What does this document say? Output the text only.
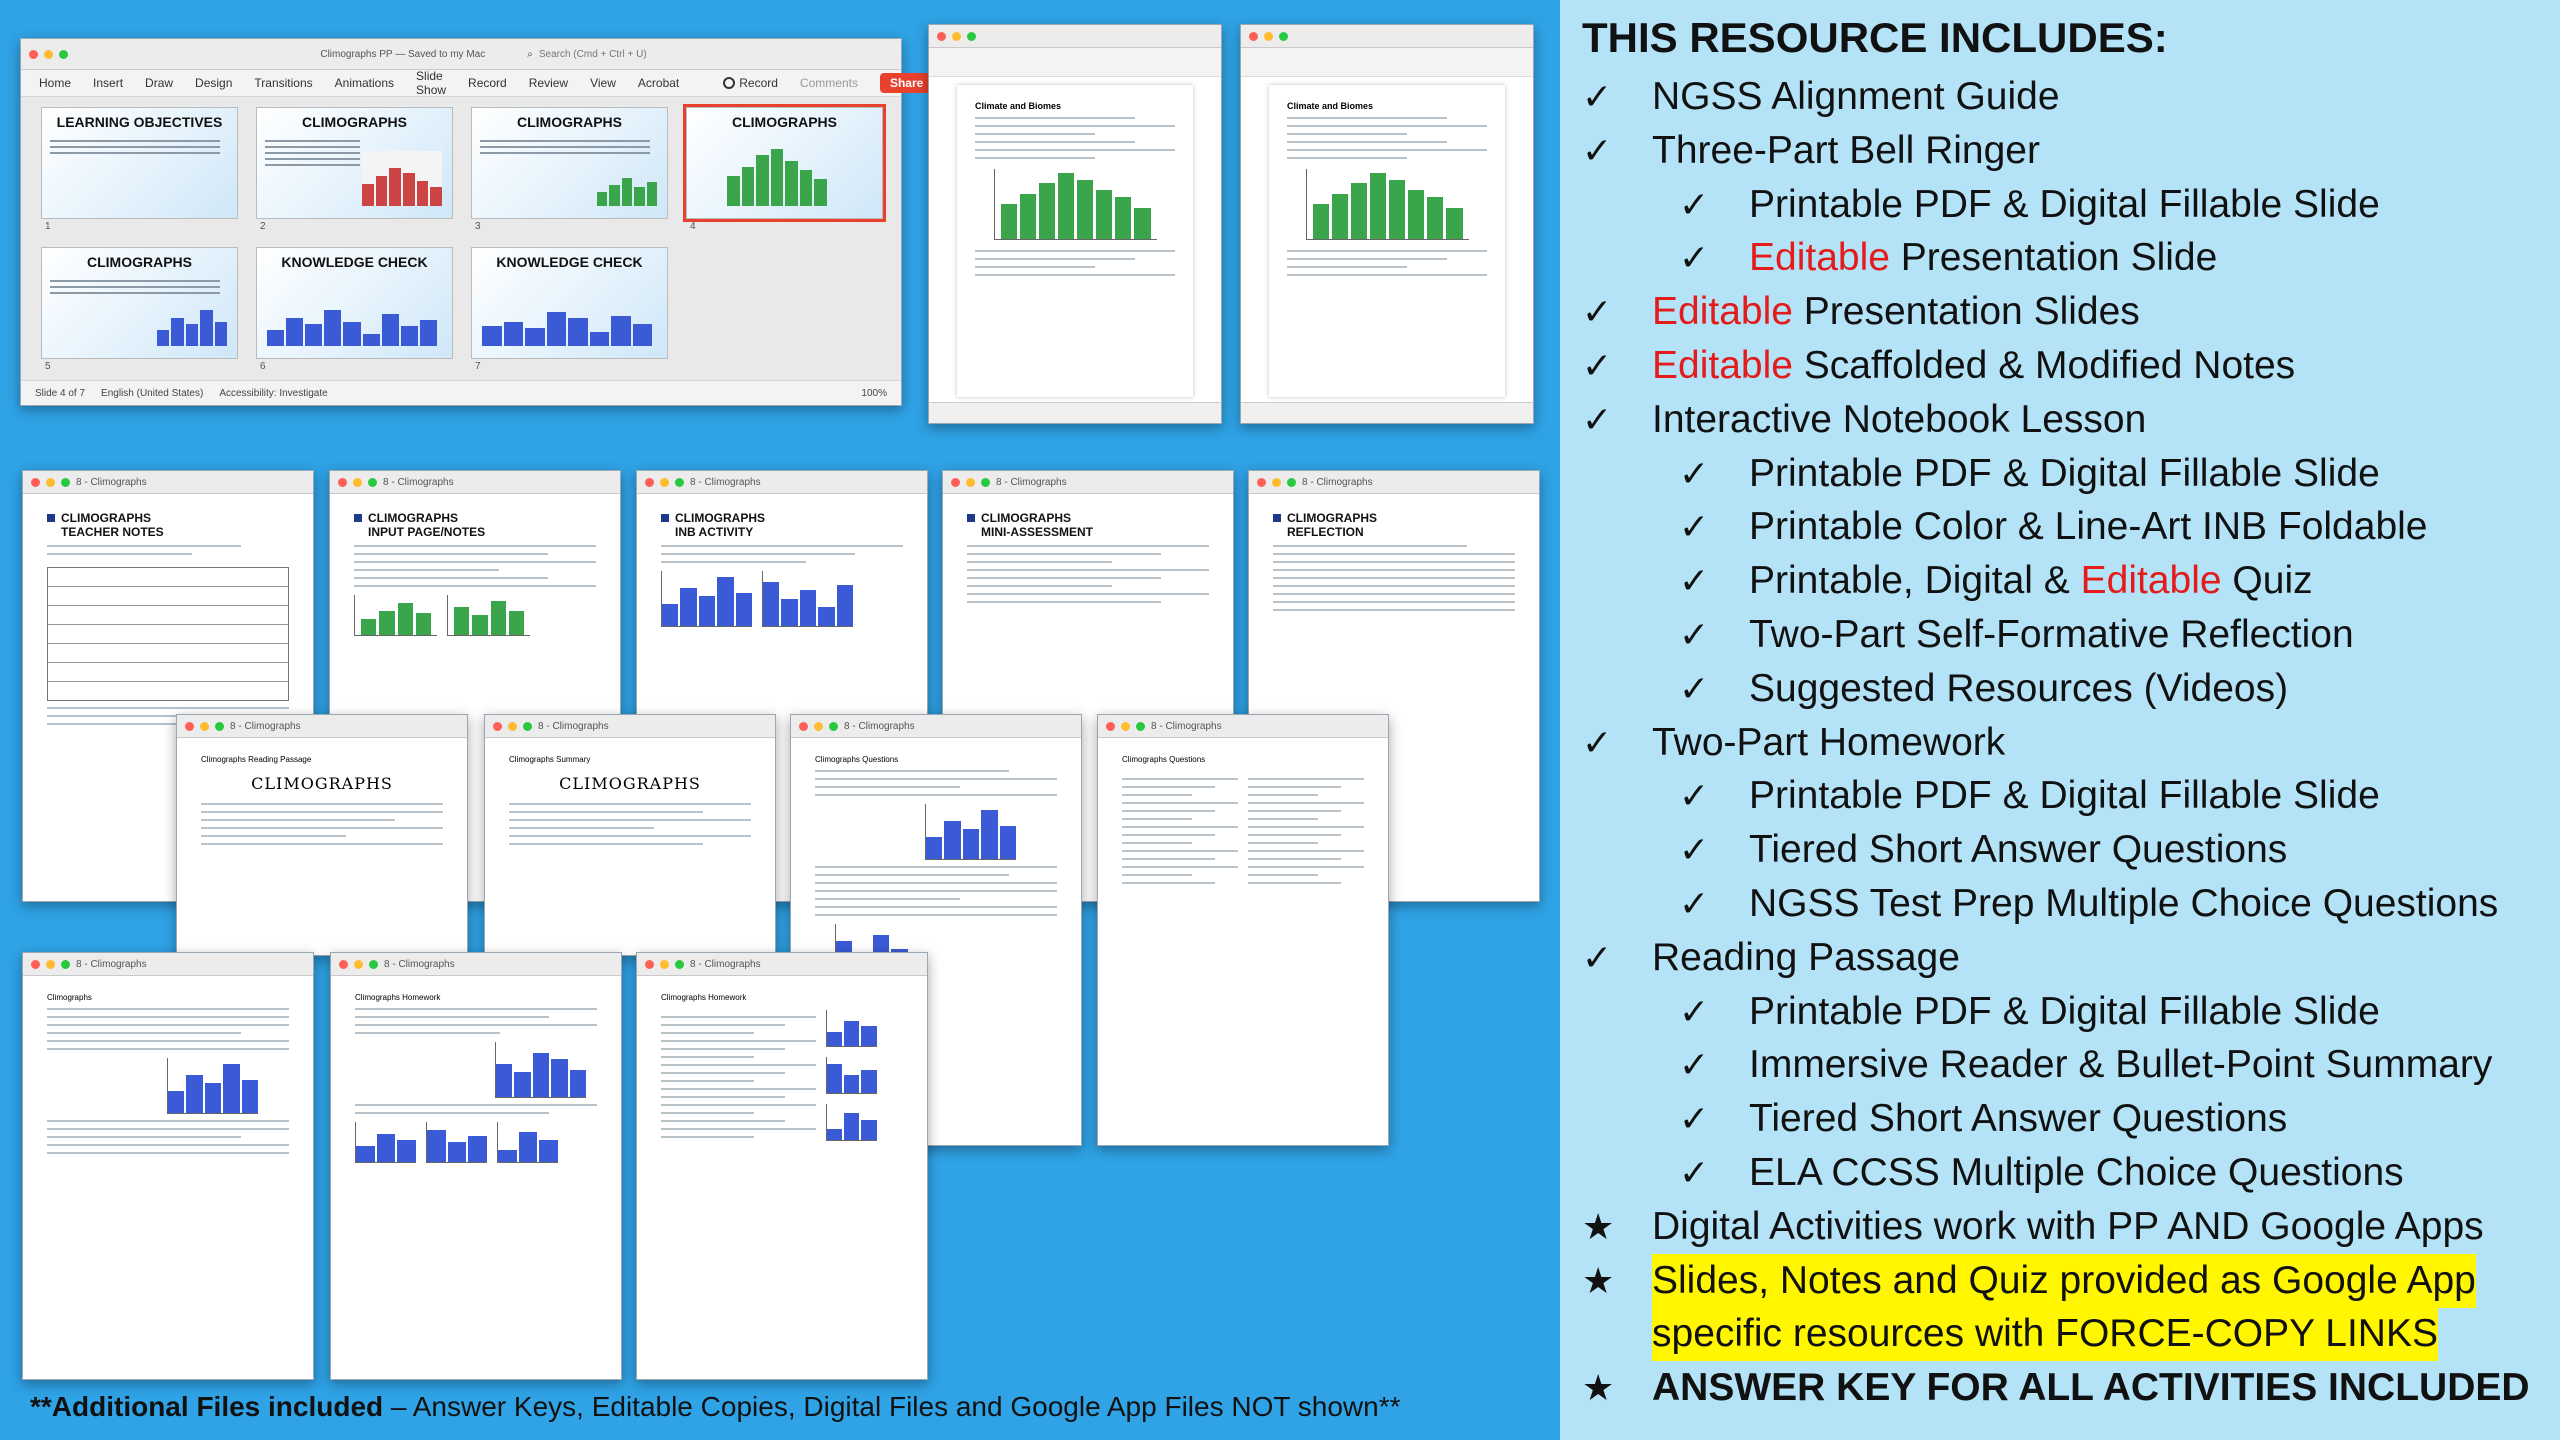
Climographs PP — Saved to my Mac	⌕ Search (Cmd + Ctrl + U)
Home Insert Draw Design Transitions Animations Slide Show Record Review View Acrobat	Record Comments	Share
LEARNING OBJECTIVES	CLIMOGRAPHS	CLIMOGRAPHS	CLIMOGRAPHS
1	2	3	4
CLIMOGRAPHS	KNOWLEDGE CHECK	KNOWLEDGE CHECK
5	6	7
Slide 4 of 7 English (United States) Accessibility: Investigate	100%
Climate and Biomes	Climate and Biomes
8 - Climographs
CLIMOGRAPHS
TEACHER NOTES
8 - Climographs
CLIMOGRAPHS
INPUT PAGE/NOTES
8 - Climographs
CLIMOGRAPHS
INB ACTIVITY
8 - Climographs
CLIMOGRAPHS
MINI-ASSESSMENT
8 - Climographs
CLIMOGRAPHS
REFLECTION
8 - Climographs
Climographs Reading Passage
CLIMOGRAPHS
8 - Climographs
Climographs Summary
CLIMOGRAPHS
8 - Climographs
Climographs Questions
8 - Climographs
Climographs Questions
8 - Climographs
Climographs
8 - Climographs
Climographs Homework
8 - Climographs
Climographs Homework
**Additional Files included – Answer Keys, Editable Copies, Digital Files and Google App Files NOT shown**
THIS RESOURCE INCLUDES:
✓ NGSS Alignment Guide
✓ Three-Part Bell Ringer
✓ Printable PDF & Digital Fillable Slide
✓ Editable Presentation Slide
✓ Editable Presentation Slides
✓ Editable Scaffolded & Modified Notes
✓ Interactive Notebook Lesson
✓ Printable PDF & Digital Fillable Slide
✓ Printable Color & Line-Art INB Foldable
✓ Printable, Digital & Editable Quiz
✓ Two-Part Self-Formative Reflection
✓ Suggested Resources (Videos)
✓ Two-Part Homework
✓ Printable PDF & Digital Fillable Slide
✓ Tiered Short Answer Questions
✓ NGSS Test Prep Multiple Choice Questions
✓ Reading Passage
✓ Printable PDF & Digital Fillable Slide
✓ Immersive Reader & Bullet-Point Summary
✓ Tiered Short Answer Questions
✓ ELA CCSS Multiple Choice Questions
★ Digital Activities work with PP AND Google Apps
★ Slides, Notes and Quiz provided as Google App
specific resources with FORCE-COPY LINKS
★ ANSWER KEY FOR ALL ACTIVITIES INCLUDED
